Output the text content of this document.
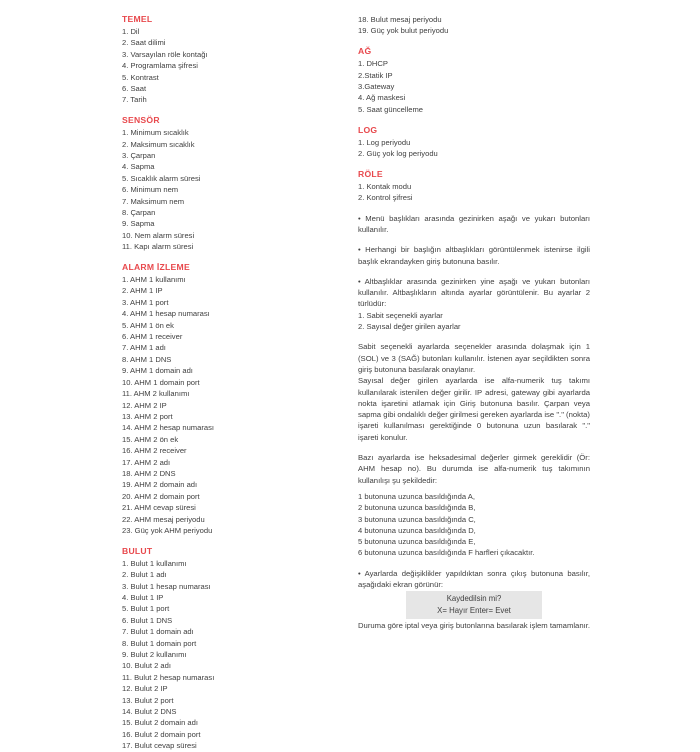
TEMEL
1. Dil
2. Saat dilimi
3. Varsayılan röle kontağı
4. Programlama şifresi
5. Kontrast
6. Saat
7. Tarih
SENSÖR
1. Minimum sıcaklık
2. Maksimum sıcaklık
3. Çarpan
4. Sapma
5. Sıcaklık alarm süresi
6. Minimum nem
7. Maksimum nem
8. Çarpan
9. Sapma
10. Nem alarm süresi
11. Kapı alarm süresi
ALARM İZLEME
1. AHM 1 kullanımı
2. AHM 1 IP
3. AHM 1 port
4. AHM 1 hesap numarası
5. AHM 1 ön ek
6. AHM 1 receiver
7. AHM 1 adı
8. AHM 1 DNS
9. AHM 1 domain adı
10. AHM 1 domain port
11. AHM 2 kullanımı
12. AHM 2 IP
13. AHM 2 port
14. AHM 2 hesap numarası
15. AHM 2 ön ek
16. AHM 2 receiver
17. AHM 2 adı
18. AHM 2 DNS
19. AHM 2 domain adı
20. AHM 2 domain port
21. AHM cevap süresi
22. AHM mesaj periyodu
23. Güç yok AHM periyodu
BULUT
1. Bulut 1 kullanımı
2. Bulut 1 adı
3. Bulut 1 hesap numarası
4. Bulut 1 IP
5. Bulut 1 port
6. Bulut 1 DNS
7. Bulut 1 domain adı
8. Bulut 1 domain port
9. Bulut 2 kullanımı
10. Bulut 2 adı
11. Bulut 2 hesap numarası
12. Bulut 2 IP
13. Bulut 2 port
14. Bulut 2 DNS
15. Bulut 2 domain adı
16. Bulut 2 domain port
17. Bulut cevap süresi
18. Bulut mesaj periyodu
19. Güç yok bulut periyodu
AĞ
1. DHCP
2.Statik IP
3.Gateway
4. Ağ maskesi
5. Saat güncelleme
LOG
1. Log periyodu
2. Güç yok log periyodu
RÖLE
1. Kontak modu
2. Kontrol şifresi

• Menü başlıkları arasında gezinirken aşağı ve yukarı butonları kullanılır.

• Herhangi bir başlığın altbaşlıkları görüntülenmek istenirse ilgili başlık ekrandayken giriş butonuna basılır.

• Altbaşlıklar arasında gezinirken yine aşağı ve yukarı butonları kullanılır. Altbaşlıkların altında ayarlar görüntülenir. Bu ayarlar 2 türlüdür:

1. Sabit seçenekli ayarlar
2. Sayısal değer girilen ayarlar

Sabit seçenekli ayarlarda seçenekler arasında dolaşmak için 1 (SOL) ve 3 (SAĞ) butonları kullanılır. İstenen ayar seçildikten sonra giriş butonuna basılarak onaylanır.

Sayısal değer girilen ayarlarda ise alfa-numerik tuş takımı kullanılarak istenilen değer girilir. IP adresi, gateway gibi ayarlarda nokta işaretini atlamak için Giriş butonuna basılır. Çarpan veya sapma gibi ondalıklı değer girilmesi gereken ayarlarda ise "." (nokta) işareti kullanılması gerektiğinde 0 butonuna uzun basılarak "." işareti konulur.

Bazı ayarlarda ise heksadesimal değerler girmek gereklidir (Ör: AHM hesap no). Bu durumda ise alfa-numerik tuş takımının kullanılışı şu şekildedir:

1 butonuna uzunca basıldığında A,
2 butonuna uzunca basıldığında B,
3 butonuna uzunca basıldığında C,
4 butonuna uzunca basıldığında D,
5 butonuna uzunca basıldığında E,
6 butonuna uzunca basıldığında F harfleri çıkacaktır.

• Ayarlarda değişiklikler yapıldıktan sonra çıkış butonuna basılır, aşağıdaki ekran görünür:

Kaydedilsin mi?
X= Hayır Enter= Evet

Duruma göre iptal veya giriş butonlarına basılarak işlem tamamlanır.
